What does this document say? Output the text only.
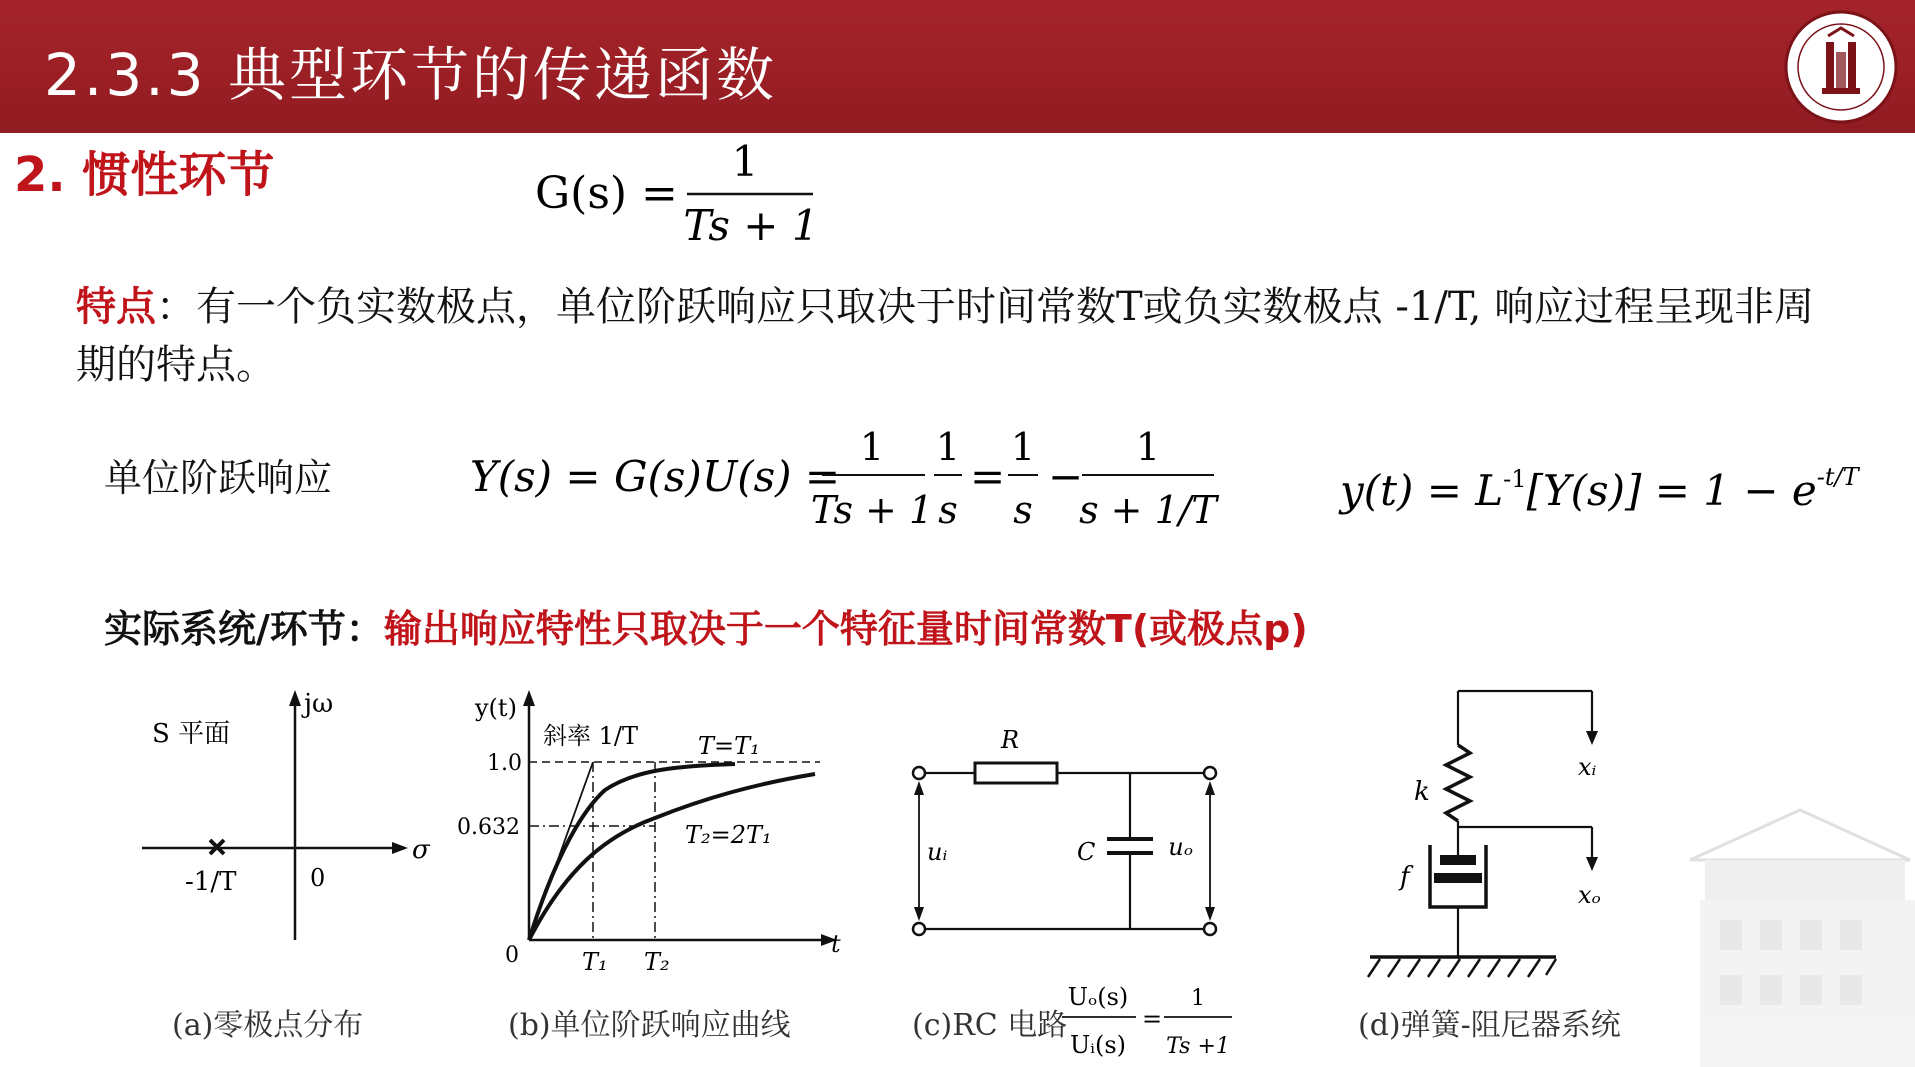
2.3.3 典型环节的传递函数
2. 惯性环节	G(s) =
1
Ts + 1
特点：有一个负实数极点，单位阶跃响应只取决于时间常数T或负实数极点 -1/T, 响应过程呈现非周期的特点。
单位阶跃响应	Y(s) = G(s)U(s) =
1
Ts + 1
1
s
=
1
s
−
1
s + 1/T	$y(t) = L^{-1}[Y(s)] = 1 - e^{-t/T}$
实际系统/环节：输出响应特性只取决于一个特征量时间常数T(或极点p)
S 平面
jω
σ
-1/T	0
(a)零极点分布
y(t)
t
斜率 1/T	T=T₁
T₂=2T₁
1.0
0.632
0	T₁ T₂
(b)单位阶跃响应曲线
R
C
uᵢ	uₒ
(c)RC 电路
Uₒ(s)
Uᵢ(s)
=
1
Ts +1
xᵢ
k
xₒ
f
(d)弹簧-阻尼器系统
